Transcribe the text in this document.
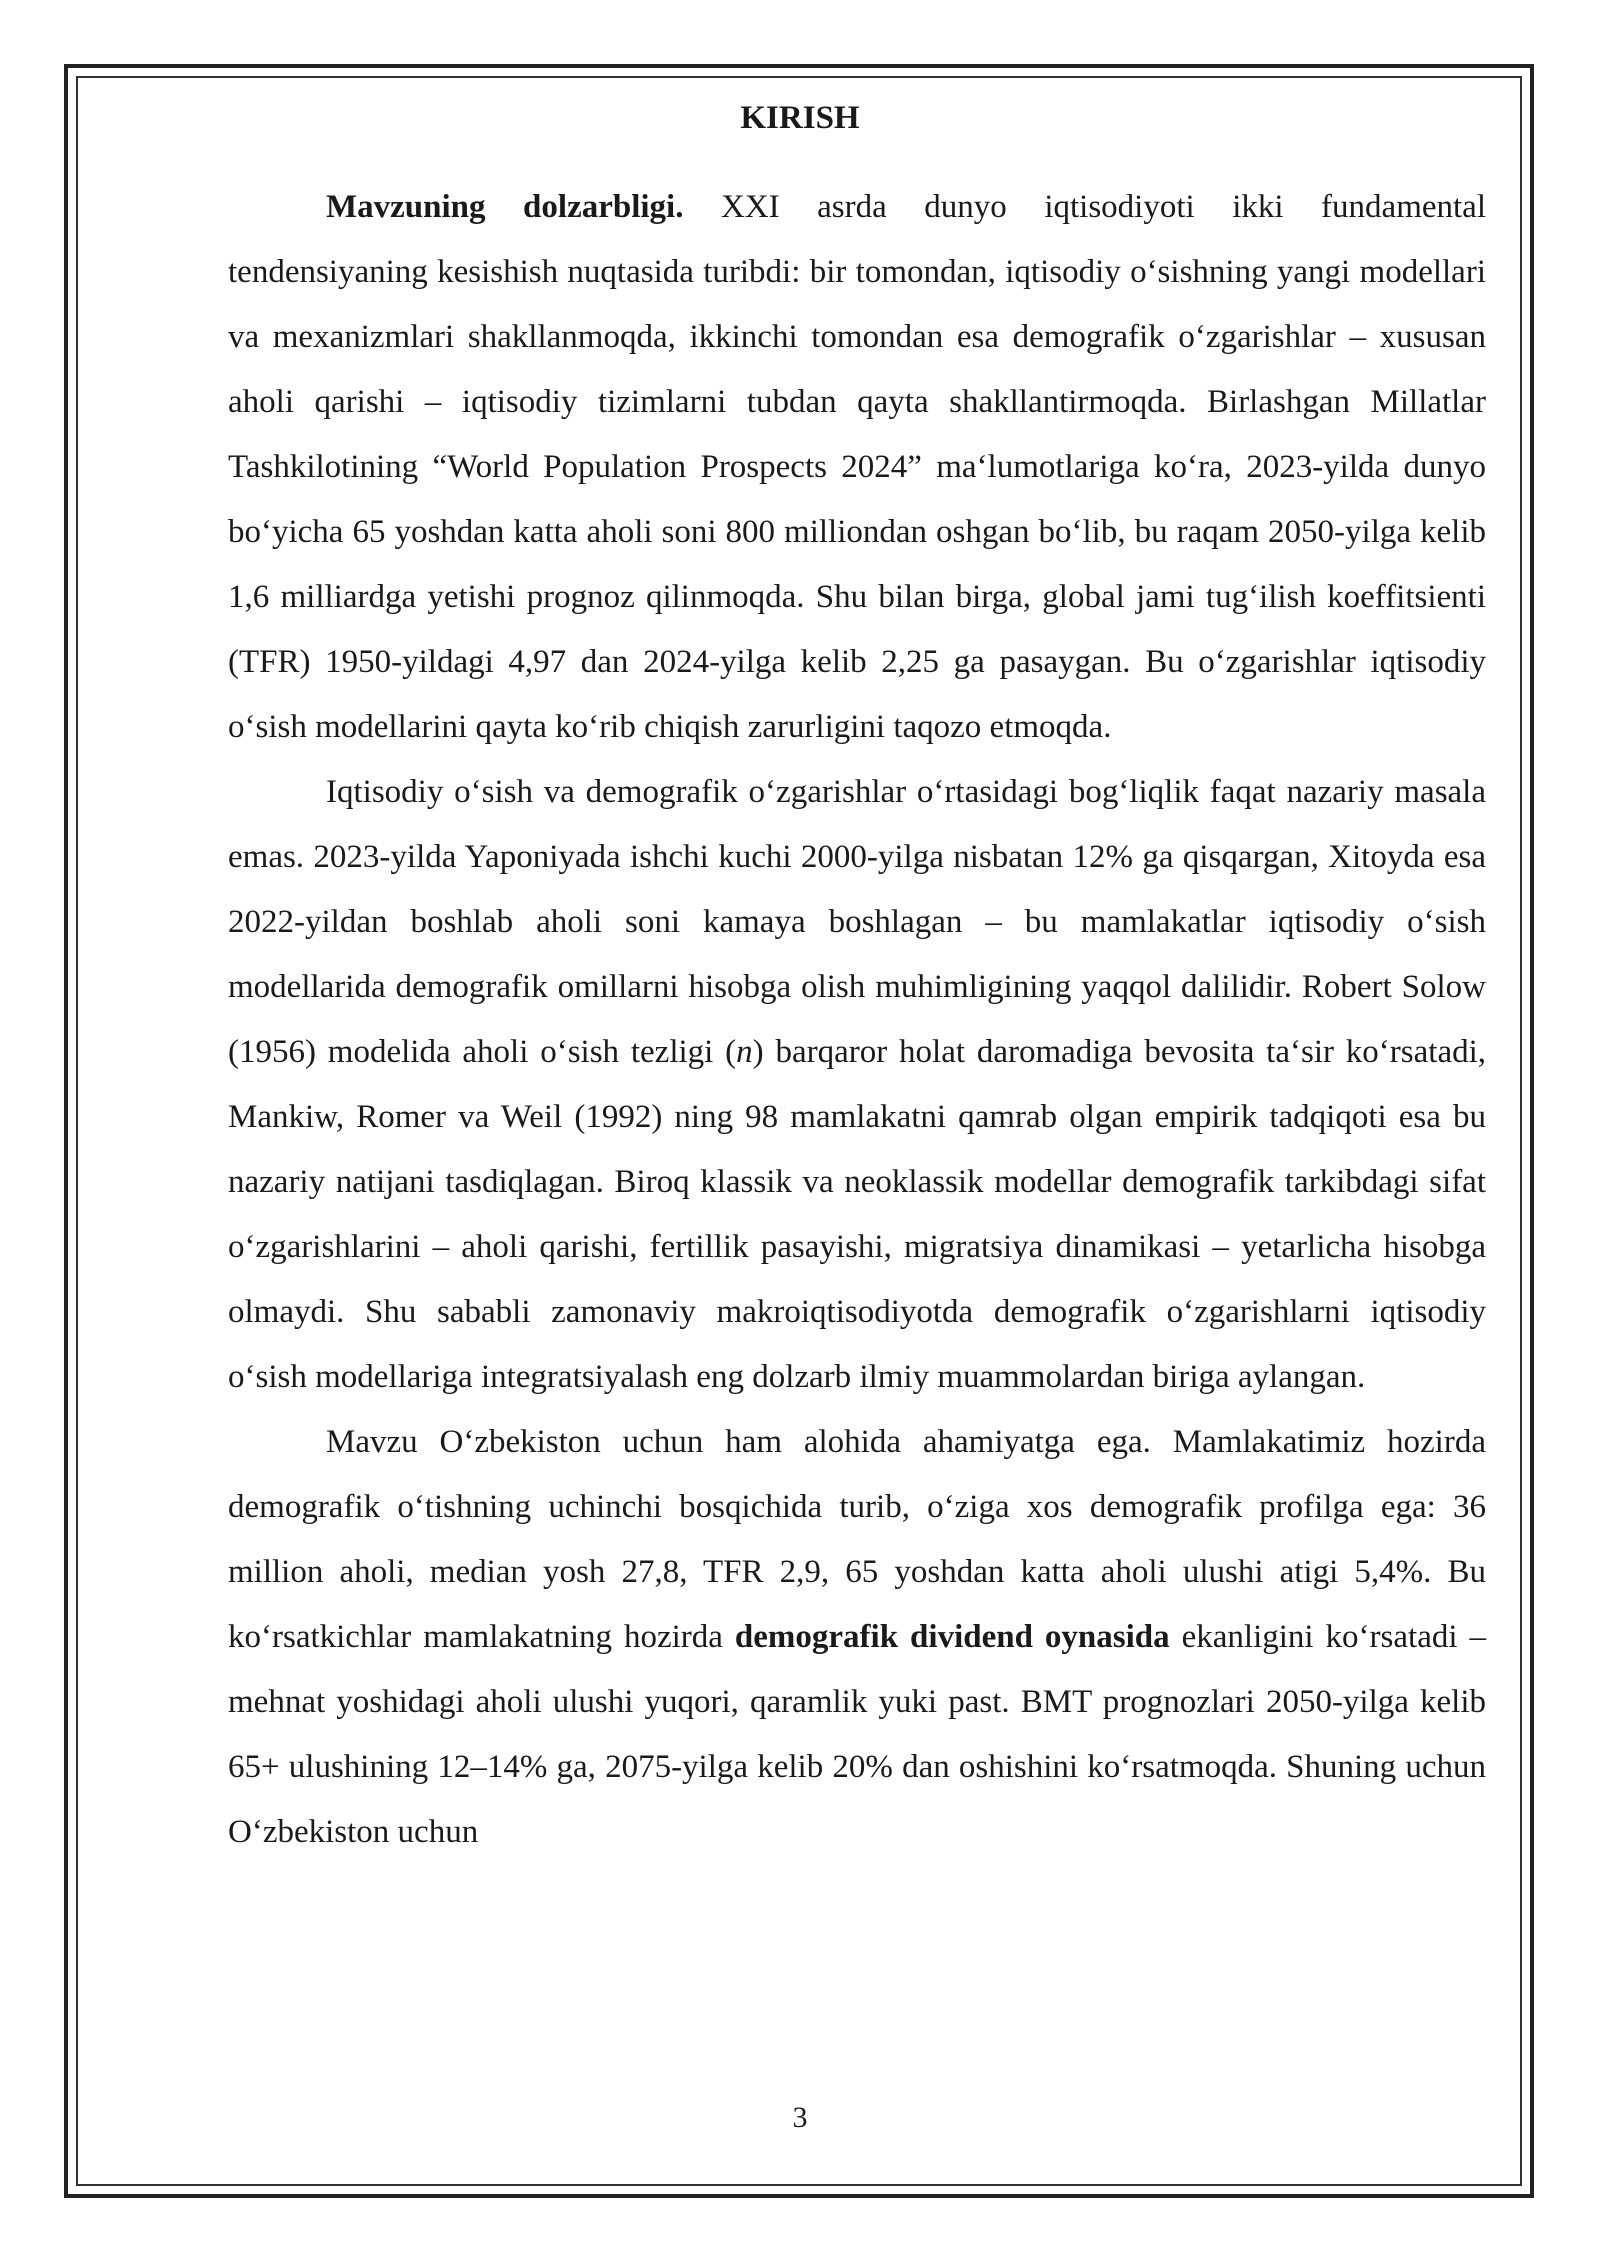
KIRISH

Mavzuning dolzarbligi. XXI asrda dunyo iqtisodiyoti ikki fundamental tendensiyaning kesishish nuqtasida turibdi: bir tomondan, iqtisodiy o‘sishning yangi modellari va mexanizmlari shakllanmoqda, ikkinchi tomondan esa demografik o‘zgarishlar – xususan aholi qarishi – iqtisodiy tizimlarni tubdan qayta shakllantirmoqda. Birlashgan Millatlar Tashkilotining “World Population Prospects 2024” ma‘lumotlariga ko‘ra, 2023-yilda dunyo bo‘yicha 65 yoshdan katta aholi soni 800 milliondan oshgan bo‘lib, bu raqam 2050-yilga kelib 1,6 milliardga yetishi prognoz qilinmoqda. Shu bilan birga, global jami tug‘ilish koeffitsienti (TFR) 1950-yildagi 4,97 dan 2024-yilga kelib 2,25 ga pasaygan. Bu o‘zgarishlar iqtisodiy o‘sish modellarini qayta ko‘rib chiqish zarurligini taqozo etmoqda.

Iqtisodiy o‘sish va demografik o‘zgarishlar o‘rtasidagi bog‘liqlik faqat nazariy masala emas. 2023-yilda Yaponiyada ishchi kuchi 2000-yilga nisbatan 12% ga qisqargan, Xitoyda esa 2022-yildan boshlab aholi soni kamaya boshlagan – bu mamlakatlar iqtisodiy o‘sish modellarida demografik omillarni hisobga olish muhimligining yaqqol dalilidir. Robert Solow (1956) modelida aholi o‘sish tezligi (n) barqaror holat daromadiga bevosita ta‘sir ko‘rsatadi, Mankiw, Romer va Weil (1992) ning 98 mamlakatni qamrab olgan empirik tadqiqoti esa bu nazariy natijani tasdiqlagan. Biroq klassik va neoklassik modellar demografik tarkibdagi sifat o‘zgarishlarini – aholi qarishi, fertillik pasayishi, migratsiya dinamikasi – yetarlicha hisobga olmaydi. Shu sababli zamonaviy makroiqtisodiyotda demografik o‘zgarishlarni iqtisodiy o‘sish modellariga integratsiyalash eng dolzarb ilmiy muammolardan biriga aylangan.

Mavzu O‘zbekiston uchun ham alohida ahamiyatga ega. Mamlakatimiz hozirda demografik o‘tishning uchinchi bosqichida turib, o‘ziga xos demografik profilga ega: 36 million aholi, median yosh 27,8, TFR 2,9, 65 yoshdan katta aholi ulushi atigi 5,4%. Bu ko‘rsatkichlar mamlakatning hozirda demografik dividend oynasida ekanligini ko‘rsatadi – mehnat yoshidagi aholi ulushi yuqori, qaramlik yuki past. BMT prognozlari 2050-yilga kelib 65+ ulushining 12–14% ga, 2075-yilga kelib 20% dan oshishini ko‘rsatmoqda. Shuning uchun O‘zbekiston uchun

3
